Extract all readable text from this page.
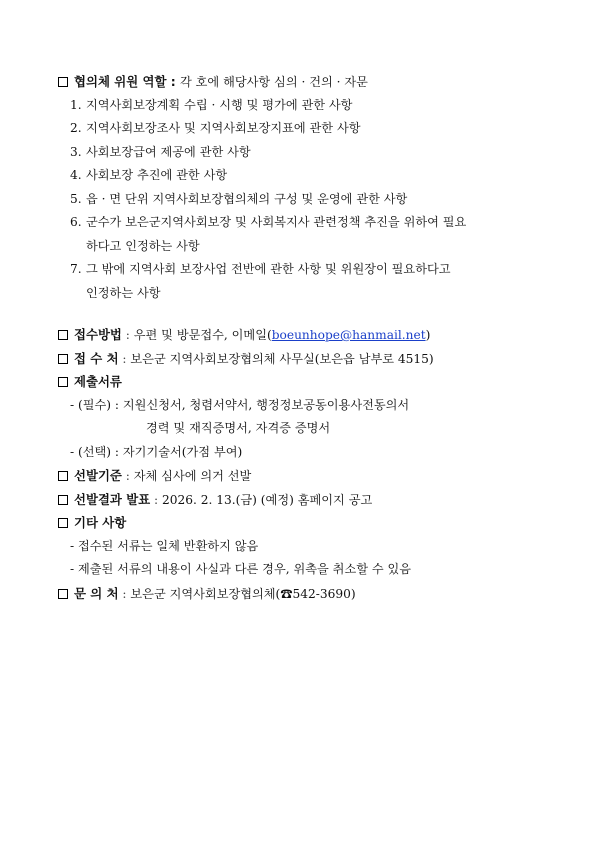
협의체 위원 역할 : 각 호에 해당사항 심의 · 건의 · 자문
1. 지역사회보장계획 수립 · 시행 및 평가에 관한 사항
2. 지역사회보장조사 및 지역사회보장지표에 관한 사항
3. 사회보장급여 제공에 관한 사항
4. 사회보장 추진에 관한 사항
5. 읍 · 면 단위 지역사회보장협의체의 구성 및 운영에 관한 사항
6. 군수가 보은군지역사회보장 및 사회복지사 관련정책 추진을 위하여 필요
하다고 인정하는 사항
7. 그 밖에 지역사회 보장사업 전반에 관한 사항 및 위원장이 필요하다고
인정하는 사항
접수방법 : 우편 및 방문접수, 이메일(boeunhope@hanmail.net)
접 수 처 : 보은군 지역사회보장협의체 사무실(보은읍 남부로 4515)
제출서류
- (필수) : 지원신청서, 청렴서약서, 행정정보공동이용사전동의서
경력 및 재직증명서, 자격증 증명서
- (선택) : 자기기술서(가점 부여)
선발기준 : 자체 심사에 의거 선발
선발결과 발표 : 2026. 2. 13.(금) (예정) 홈페이지 공고
기타 사항
- 접수된 서류는 일체 반환하지 않음
- 제출된 서류의 내용이 사실과 다른 경우, 위촉을 취소할 수 있음
문 의 처 : 보은군 지역사회보장협의체(☎542-3690)
